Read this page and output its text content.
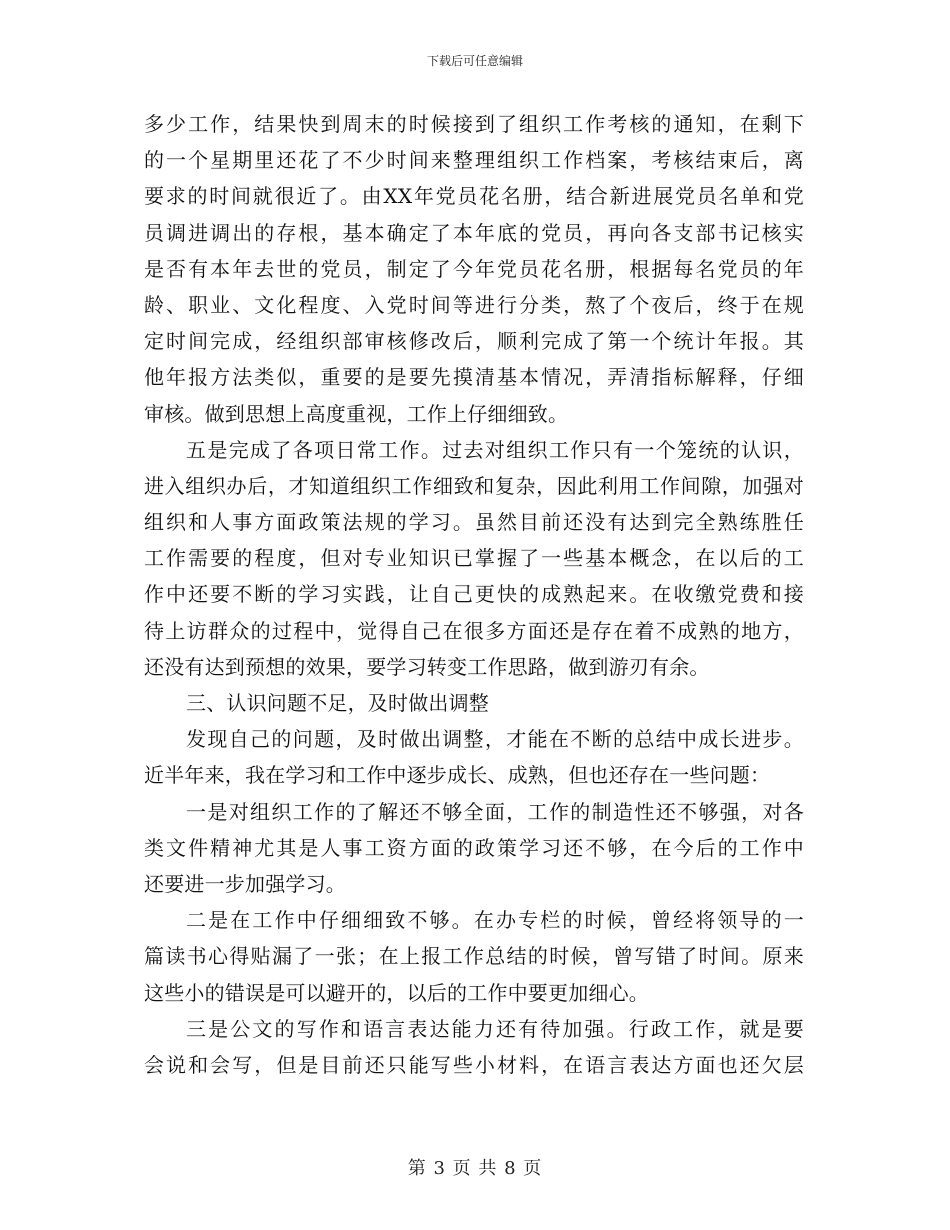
下载后可任意编辑
多少工作，结果快到周末的时候接到了组织工作考核的通知，在剩下
的一个星期里还花了不少时间来整理组织工作档案，考核结束后，离
要求的时间就很近了。由XX年党员花名册，结合新进展党员名单和党
员调进调出的存根，基本确定了本年底的党员，再向各支部书记核实
是否有本年去世的党员，制定了今年党员花名册，根据每名党员的年
龄、职业、文化程度、入党时间等进行分类，熬了个夜后，终于在规
定时间完成，经组织部审核修改后，顺利完成了第一个统计年报。其
他年报方法类似，重要的是要先摸清基本情况，弄清指标解释，仔细
审核。做到思想上高度重视，工作上仔细细致。
五是完成了各项日常工作。过去对组织工作只有一个笼统的认识，
进入组织办后，才知道组织工作细致和复杂，因此利用工作间隙，加强对
组织和人事方面政策法规的学习。虽然目前还没有达到完全熟练胜任
工作需要的程度，但对专业知识已掌握了一些基本概念，在以后的工
作中还要不断的学习实践，让自己更快的成熟起来。在收缴党费和接
待上访群众的过程中，觉得自己在很多方面还是存在着不成熟的地方，
还没有达到预想的效果，要学习转变工作思路，做到游刃有余。
三、认识问题不足，及时做出调整
发现自己的问题，及时做出调整，才能在不断的总结中成长进步。
近半年来，我在学习和工作中逐步成长、成熟，但也还存在一些问题：
一是对组织工作的了解还不够全面，工作的制造性还不够强，对各
类文件精神尤其是人事工资方面的政策学习还不够，在今后的工作中
还要进一步加强学习。
二是在工作中仔细细致不够。在办专栏的时候，曾经将领导的一
篇读书心得贴漏了一张；在上报工作总结的时候，曾写错了时间。原来
这些小的错误是可以避开的，以后的工作中要更加细心。
三是公文的写作和语言表达能力还有待加强。行政工作，就是要
会说和会写，但是目前还只能写些小材料，在语言表达方面也还欠层
第 3 页 共 8 页
